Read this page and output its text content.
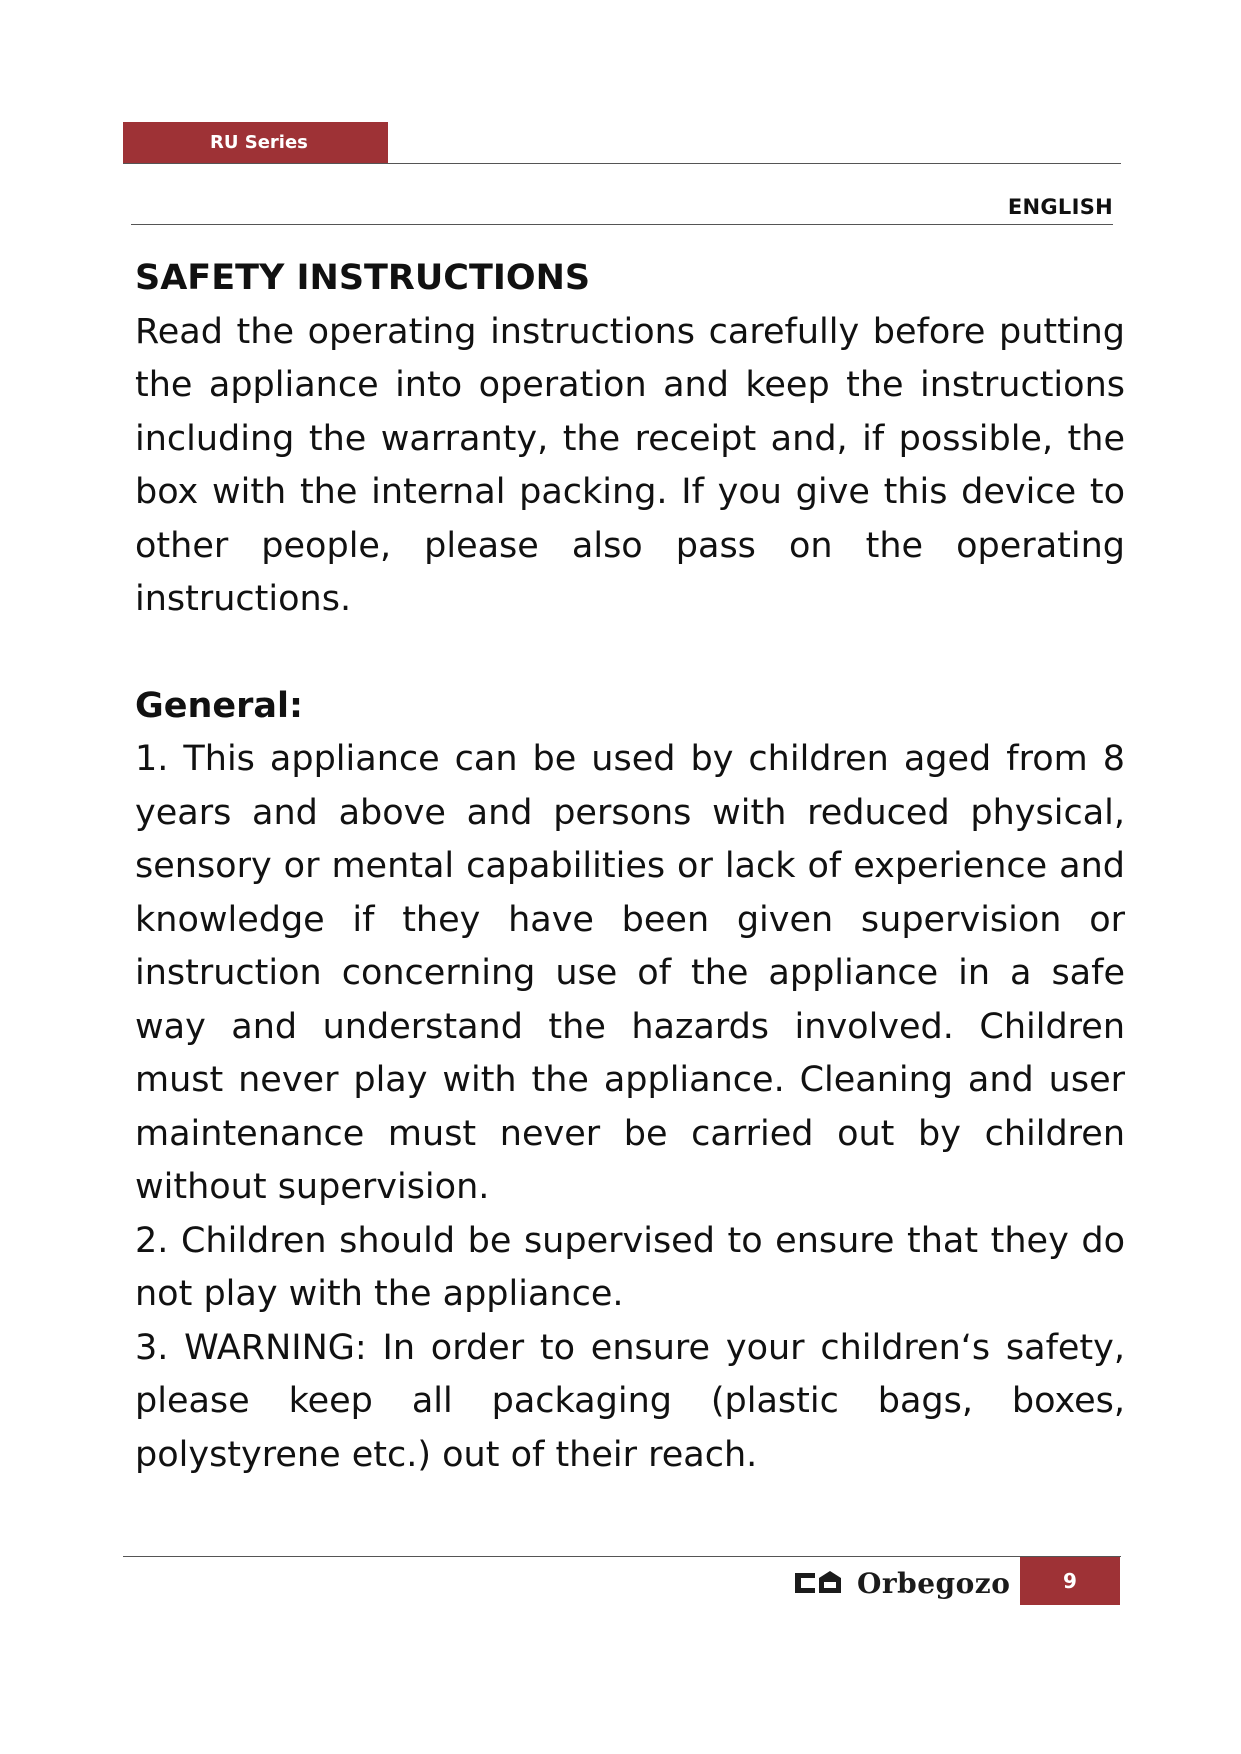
RU Series
ENGLISH
SAFETY INSTRUCTIONS

Read the operating instructions carefully before putting the appliance into operation and keep the instructions including the warranty, the receipt and, if possible, the box with the internal packing. If you give this device to other people, please also pass on the operating instructions.

General:

1. This appliance can be used by children aged from 8 years and above and persons with reduced physical, sensory or mental capabilities or lack of experience and knowledge if they have been given supervision or instruction concerning use of the appliance in a safe way and understand the hazards involved. Children must never play with the appliance. Cleaning and user maintenance must never be carried out by children without supervision.

2. Children should be supervised to ensure that they do not play with the appliance.

3. WARNING: In order to ensure your children‘s safety, please keep all packaging (plastic bags, boxes, polystyrene etc.) out of their reach.

Orbegozo	9
